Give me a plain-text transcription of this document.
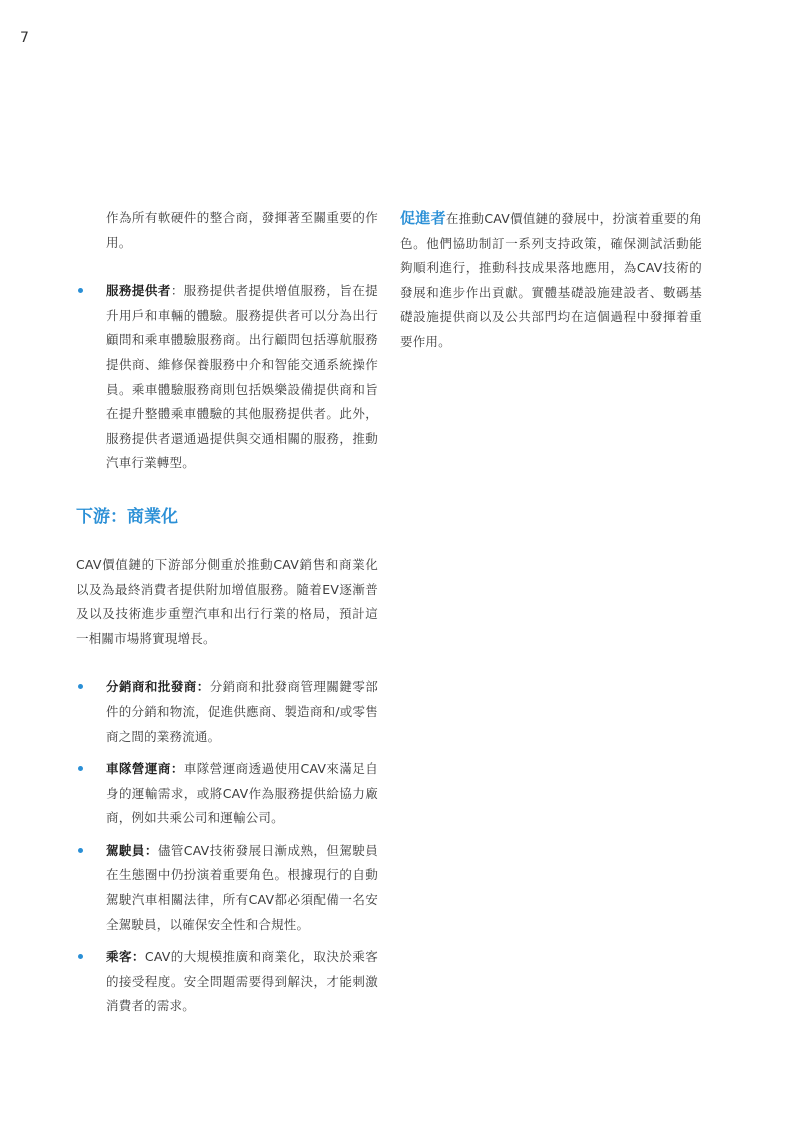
7

作為所有軟硬件的整合商，發揮著至關重要的作用。

服務提供者：服務提供者提供增值服務，旨在提升用戶和車輛的體驗。服務提供者可以分為出行顧問和乘車體驗服務商。出行顧問包括導航服務提供商、維修保養服務中介和智能交通系統操作員。乘車體驗服務商則包括娛樂設備提供商和旨在提升整體乘車體驗的其他服務提供者。此外，服務提供者還通過提供與交通相關的服務，推動汽車行業轉型。

下游：商業化

CAV價值鏈的下游部分側重於推動CAV銷售和商業化以及為最終消費者提供附加增值服務。隨着EV逐漸普及以及技術進步重塑汽車和出行行業的格局，預計這一相關市場將實現增長。

分銷商和批發商：分銷商和批發商管理關鍵零部件的分銷和物流，促進供應商、製造商和/或零售商之間的業務流通。

車隊營運商：車隊營運商透過使用CAV來滿足自身的運輸需求，或將CAV作為服務提供給協力廠商，例如共乘公司和運輸公司。

駕駛員：儘管CAV技術發展日漸成熟，但駕駛員在生態圈中仍扮演着重要角色。根據現行的自動駕駛汽車相關法律，所有CAV都必須配備一名安全駕駛員，以確保安全性和合規性。

乘客：CAV的大規模推廣和商業化，取決於乘客的接受程度。安全問題需要得到解決，才能刺激消費者的需求。

促進者在推動CAV價值鏈的發展中，扮演着重要的角色。他們協助制訂一系列支持政策，確保測試活動能夠順利進行，推動科技成果落地應用，為CAV技術的發展和進步作出貢獻。實體基礎設施建設者、數碼基礎設施提供商以及公共部門均在這個過程中發揮着重要作用。
